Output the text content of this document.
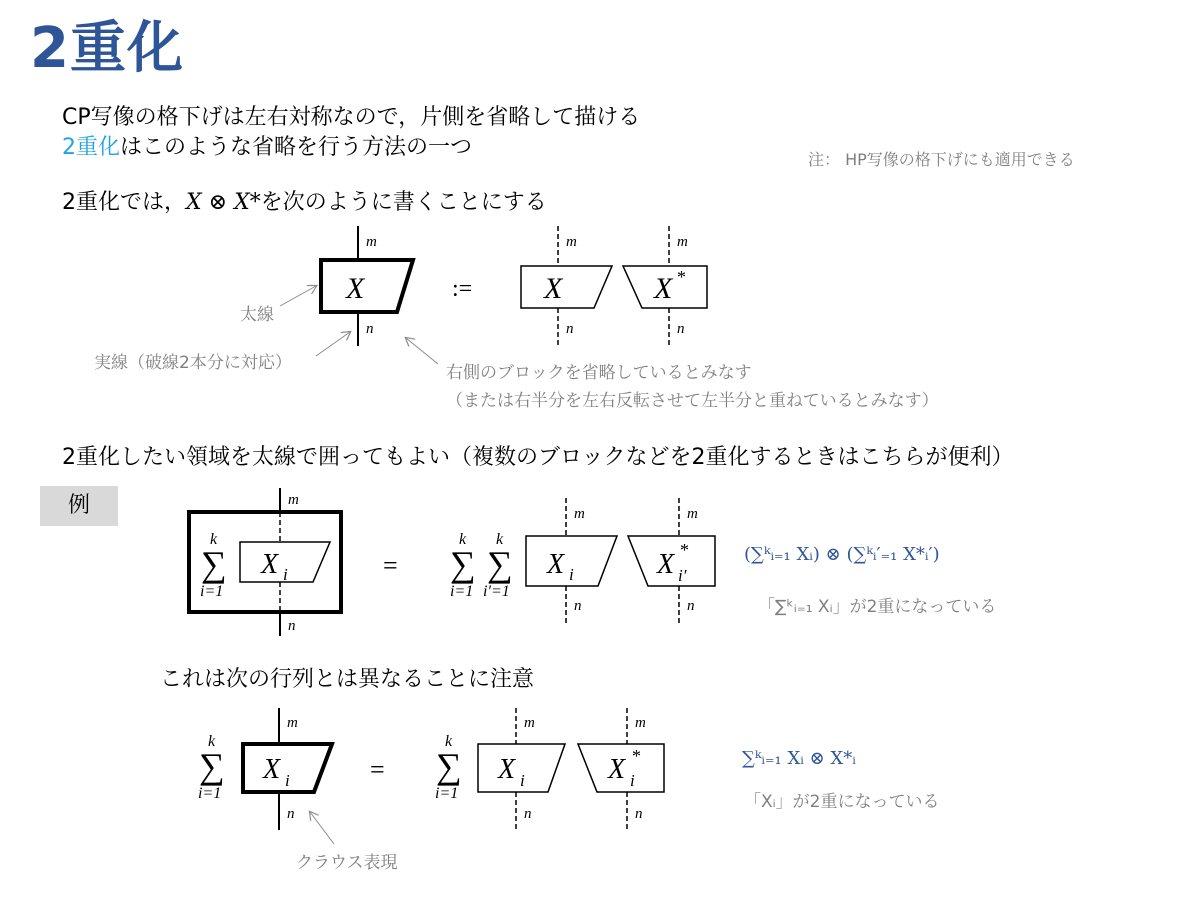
2重化
CP写像の格下げは左右対称なので，片側を省略して描ける
2重化はこのような省略を行う方法の一つ	注： HP写像の格下げにも適用できる
2重化では，X ⊗ X*を次のように書くことにする
太線
実線（破線2本分に対応）	右側のブロックを省略しているとみなす
（または右半分を左右反転させて左半分と重ねているとみなす）
2重化したい領域を太線で囲ってもよい（複数のブロックなどを2重化するときはこちらが便利）
例
(∑ᵏᵢ₌₁ Xᵢ) ⊗ (∑ᵏᵢ′₌₁ X*ᵢ′)
「∑ᵏᵢ₌₁ Xᵢ」が2重になっている
これは次の行列とは異なることに注意
∑ᵏᵢ₌₁ Xᵢ ⊗ X*ᵢ
「Xᵢ」が2重になっている
クラウス表現
X
m
n
:= X
m
n
X *
m
n
X i
k
∑
i=1
m
n
=
k
∑
i=1
k
∑
i′=1
X i
m
n
X *
i′
m
n
k
∑
i=1
X i
m
n
=
k
∑
i=1
X i
m
n
X *
i
m
n
